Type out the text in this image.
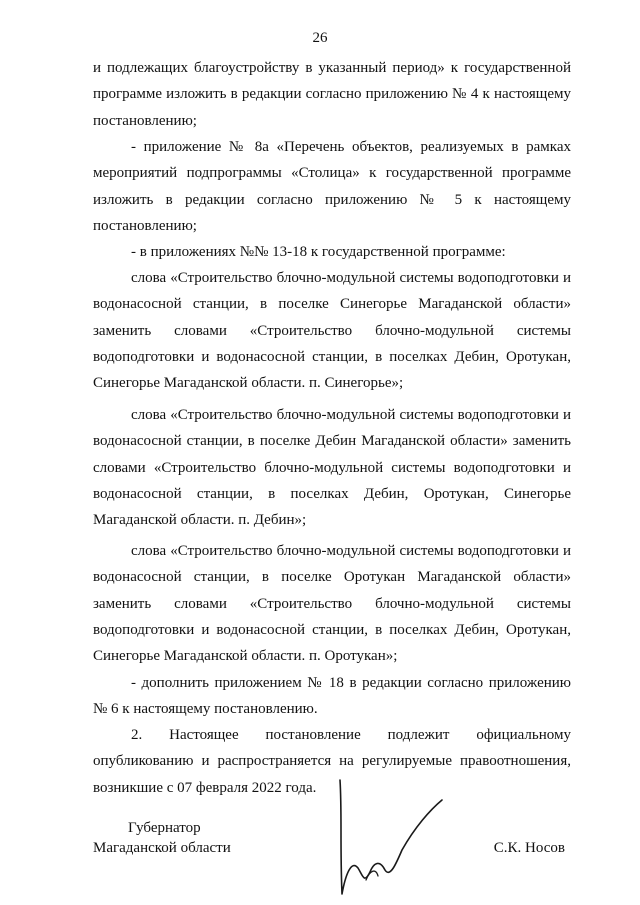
26
и подлежащих благоустройству в указанный период» к государственной программе изложить в редакции согласно приложению № 4 к настоящему постановлению;
- приложение № 8а «Перечень объектов, реализуемых в рамках мероприятий подпрограммы «Столица» к государственной программе изложить в редакции согласно приложению № 5 к настоящему постановлению;
- в приложениях №№ 13-18 к государственной программе:
слова «Строительство блочно-модульной системы водоподготовки и водонасосной станции, в поселке Синегорье Магаданской области» заменить словами «Строительство блочно-модульной системы водоподготовки и водонасосной станции, в поселках Дебин, Оротукан, Синегорье Магаданской области. п. Синегорье»;
слова «Строительство блочно-модульной системы водоподготовки и водонасосной станции, в поселке Дебин Магаданской области» заменить словами «Строительство блочно-модульной системы водоподготовки и водонасосной станции, в поселках Дебин, Оротукан, Синегорье Магаданской области. п. Дебин»;
слова «Строительство блочно-модульной системы водоподготовки и водонасосной станции, в поселке Оротукан Магаданской области» заменить словами «Строительство блочно-модульной системы водоподготовки и водонасосной станции, в поселках Дебин, Оротукан, Синегорье Магаданской области. п. Оротукан»;
- дополнить приложением № 18 в редакции согласно приложению № 6 к настоящему постановлению.
2. Настоящее постановление подлежит официальному опубликованию и распространяется на регулируемые правоотношения, возникшие с 07 февраля 2022 года.
Губернатор
Магаданской области	С.К. Носов
